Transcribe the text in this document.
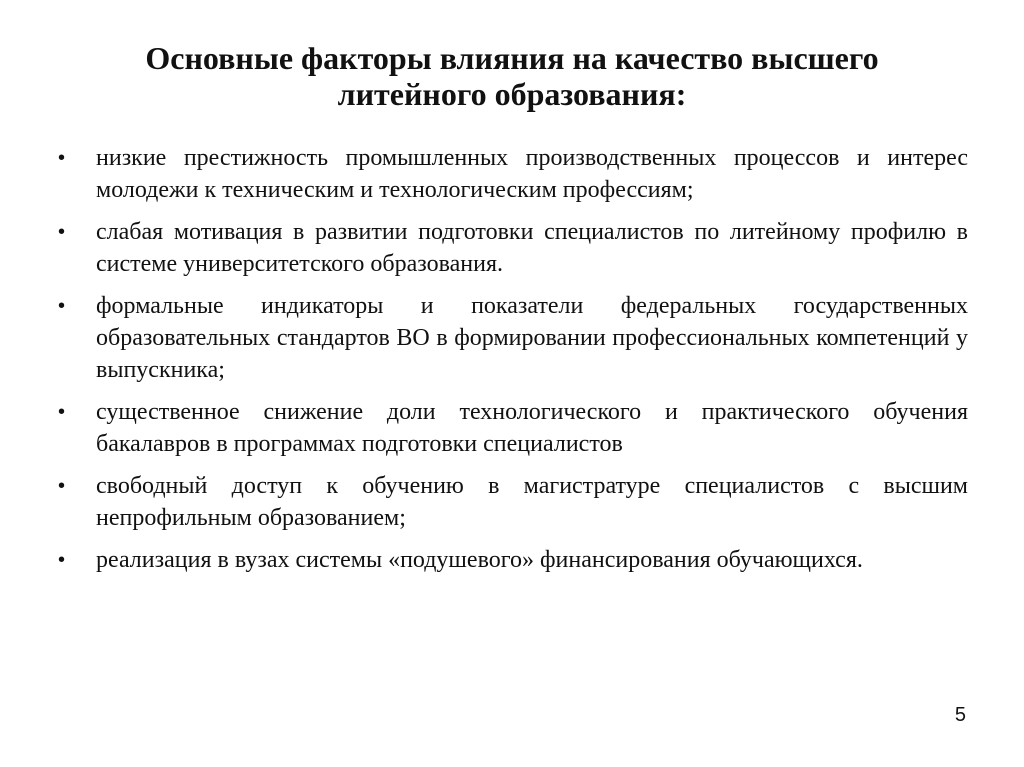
Основные факторы влияния на качество высшего
литейного образования:
•	низкие престижность промышленных производственных процессов и интерес молодежи к техническим и технологическим профессиям;
•	слабая мотивация в развитии подготовки специалистов по литейному профилю в системе университетского образования.
•	формальные индикаторы и показатели федеральных государственных образовательных стандартов ВО в формировании профессиональных компетенций у выпускника;
•	существенное снижение доли технологического и практического обучения бакалавров в программах подготовки специалистов
•	свободный доступ к обучению в магистратуре специалистов с высшим непрофильным образованием;
•	реализация в вузах системы «подушевого» финансирования обучающихся.
5
